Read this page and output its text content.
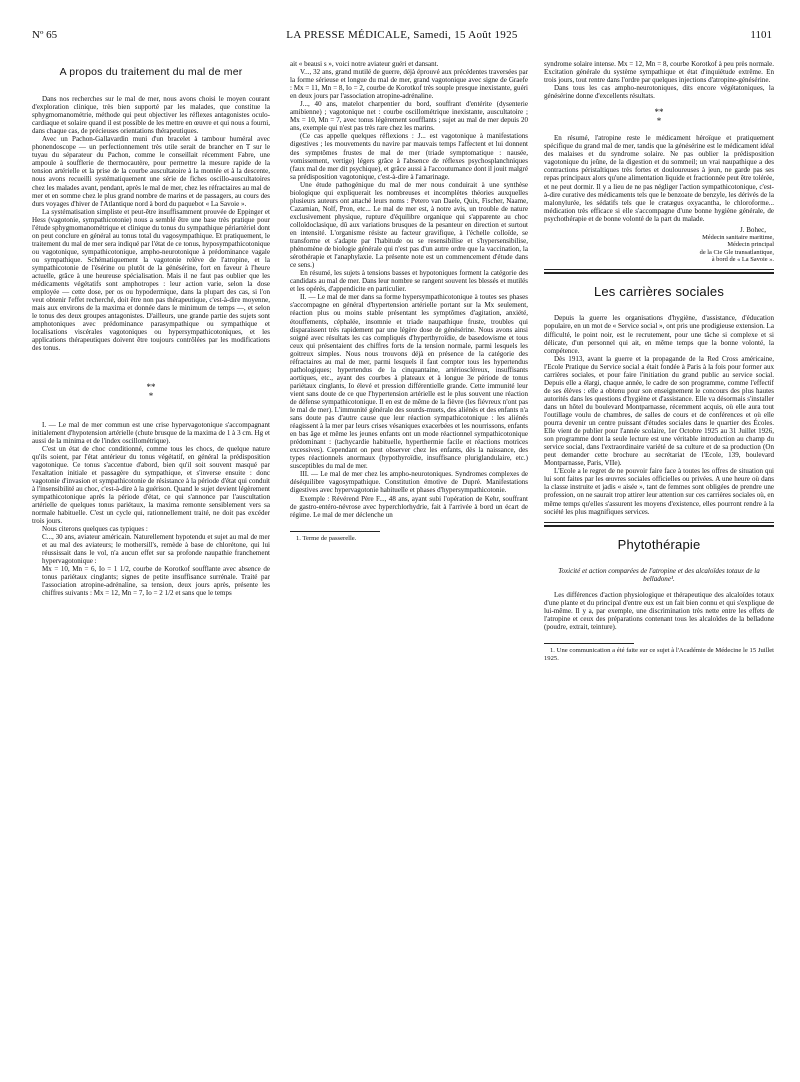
Nº 65	LA PRESSE MÉDICALE, Samedi, 15 Août 1925	1101
A propos du traitement du mal de mer

Dans nos recherches sur le mal de mer, nous avons choisi le moyen courant d'exploration clinique, très bien supporté par les malades, que constitue la sphygmomanométrie, méthode qui peut objectiver les réflexes antagonistes oculo-cardiaque et solaire quand il est possible de les mettre en œuvre et qui nous a fourni, dans chaque cas, de précieuses orientations thérapeutiques.

Avec un Pachon-Gallavardin muni d'un bracelet à tambour huméral avec phonendoscope — un perfectionnement très utile serait de brancher en T sur le tuyau du séparateur du Pachon, comme le conseillait récemment Fabre, une ampoule à soufflerie de thermocautère, pour permettre la mesure rapide de la tension artérielle et la prise de la courbe auscultatoire à la montée et à la descente, nous avons recueilli systématiquement une série de fiches oscillo-auscultatoires chez les malades avant, pendant, après le mal de mer, chez les réfractaires au mal de mer et en somme chez le plus grand nombre de marins et de passagers, au cours des durs voyages d'hiver de l'Atlantique nord à bord du paquebot « La Savoie ».

La systématisation simpliste et peut-être insuffisamment prouvée de Eppinger et Hess (vagotonie, sympathicotonie) nous a semblé être une base très pratique pour l'étude sphygmomanométrique et clinique du tonus du sympathique périartériel dont on peut conclure en général au tonus total du vagosympathique. Et pratiquement, le traitement du mal de mer sera indiqué par l'état de ce tonus, hyposympathicotonique ou vagotonique, sympathicotonique, ampho-neurotonique à prédominance vagale ou sympathique. Schématiquement la vagotonie relève de l'atropine, et la sympathicotonie de l'ésérine ou plutôt de la génésérine, fort en faveur à l'heure actuelle, grâce à une heureuse spécialisation. Mais il ne faut pas oublier que les médicaments végétatifs sont amphotropes : leur action varie, selon la dose employée — cette dose, per os ou hypodermique, dans la plupart des cas, si l'on veut obtenir l'effet recherché, doit être non pas thérapeutique, c'est-à-dire moyenne, mais aux environs de la maxima et donnée dans le minimum de temps —, et selon le tonus des deux groupes antagonistes. D'ailleurs, une grande partie des sujets sont amphotoniques avec prédominance parasympathique ou sympathique et localisations viscérales vagotoniques ou hypersympathicotoniques, et les applications thérapeutiques doivent être toujours contrôlées par les modifications des tonus.

**
*

I. — Le mal de mer commun est une crise hypervagotonique s'accompagnant initialement d'hypotension artérielle (chute brusque de la maxima de 1 à 3 cm. Hg et aussi de la minima et de l'index oscillométrique).

C'est un état de choc conditionné, comme tous les chocs, de quelque nature qu'ils soient, par l'état antérieur du tonus végétatif, en général la prédisposition vagotonique. Ce tonus s'accentue d'abord, bien qu'il soit souvent masqué par l'exaltation initiale et passagère du sympathique, et s'inverse ensuite : donc vagotonie d'invasion et sympathicotonie de résistance à la période d'état qui conduit à l'insensibilité au choc, c'est-à-dire à la guérison. Quand le sujet devient légèrement sympathicotonique après la période d'état, ce qui s'annonce par l'auscultation artérielle de quelques tonus pariétaux, la maxima remonte sensiblement vers sa normale habituelle. C'est un cycle qui, rationnellement traité, ne doit pas excéder trois jours.

Nous citerons quelques cas typiques :

C..., 30 ans, aviateur américain. Naturellement hypotendu et sujet au mal de mer et au mal des aviateurs; le mothersill's, remède à base de chlorétone, qui lui réussissait dans le vol, n'a aucun effet sur sa profonde naupathie franchement hypervagotonique :

Mx = 10, Mn = 6, Io = 1 1/2, courbe de Korotkof soufflante avec absence de tonus pariétaux cinglants; signes de petite insuffisance surrénale. Traité par l'association atropine-adrénaline, sa tension, deux jours après, présente les chiffres suivants : Mx = 12, Mn = 7, Io = 2 1/2 et sans que le temps

ait « beausi s », voici notre aviateur guéri et dansant.

V..., 32 ans, grand mutilé de guerre, déjà éprouvé aux précédentes traversées par la forme sérieuse et longue du mal de mer, grand vagotonique avec signe de Graefe : Mx = 11, Mn = 8, Io = 2, courbe de Korotkof très souple presque inexistante, guéri en deux jours par l'association atropine-adrénaline.

J..., 40 ans, matelot charpentier du bord, souffrant d'entérite (dysenterie amibienne) ; vagotonique net : courbe oscillométrique inexistante, auscultatoire ; Mx = 10, Mn = 7, avec tonus légèrement soufflants ; sujet au mal de mer depuis 20 ans, exemple qui n'est pas très rare chez les marins.

(Ce cas appelle quelques réflexions : J... est vagotonique à manifestations digestives ; les mouvements du navire par mauvais temps l'affectent et lui donnent des symptômes frustes de mal de mer (triade symptomatique : nausée, vomissement, vertige) légers grâce à l'absence de réflexes psychosplanchniques (faux mal de mer dit psychique), et grâce aussi à l'accoutumance dont il jouit malgré sa prédisposition vagotonique, c'est-à-dire à l'amarinage.

Une étude pathogénique du mal de mer nous conduirait à une synthèse biologique qui expliquerait les nombreuses et incomplètes théories auxquelles plusieurs auteurs ont attaché leurs noms : Petero van Daele, Quix, Fischer, Naame, Cazamian, Nolf, Pron, etc... Le mal de mer est, à notre avis, un trouble de nature exclusivement physique, rupture d'équilibre organique qui s'apparente au choc colloïdoclasique, dû aux variations brusques de la pesanteur en direction et surtout en intensité. L'organisme résiste au facteur gravifique, à l'échelle colloïde, se transforme et s'adapte par l'habitude ou se resensibilise et s'hypersensibilise, phénomène de biologie générale qui n'est pas d'un autre ordre que la vaccination, la sérothérapie et l'anaphylaxie. La présente note est un commencement d'étude dans ce sens.)

En résumé, les sujets à tensions basses et hypotoniques forment la catégorie des candidats au mal de mer. Dans leur nombre se rangent souvent les blessés et mutilés et les opérés, d'appendicite en particulier.

II. — Le mal de mer dans sa forme hypersympathicotonique à toutes ses phases s'accompagne en général d'hypertension artérielle portant sur la Mx seulement, réaction plus ou moins stable présentant les symptômes d'agitation, anxiété, étouffements, céphalée, insomnie et triade naupathique fruste, troubles qui disparaissent très rapidement par une légère dose de génésérine. Nous avons ainsi soigné avec résultats les cas compliqués d'hyperthyroïdie, de basedowisme et tous ceux qui présentaient des chiffres forts de la tension normale, parmi lesquels les goitreux simples. Nous nous trouvons déjà en présence de la catégorie des réfractaires au mal de mer, parmi lesquels il faut compter tous les hypertendus pathologiques; hypertendus de la cinquantaine, artérioscléreux, insuffisants aortiques, etc., ayant des courbes à plateaux et à longue 3e période de tonus pariétaux cinglants, Io élevé et pression différentielle grande. Cette immunité leur vient sans doute de ce que l'hypertension artérielle est le plus souvent une réaction de défense sympathicotonique. Il en est de même de la fièvre (les fiévreux n'ont pas le mal de mer). L'immunité générale des sourds-muets, des aliénés et des enfants n'a sans doute pas d'autre cause que leur réaction sympathicotonique : les aliénés réagissent à la mer par leurs crises vésaniques exacerbées et les nourrissons, enfants en bas âge et même les jeunes enfants ont un mode réactionnel sympathicotonique prédominant : (tachycardie habituelle, hyperthermie facile et réactions motrices excessives). Cependant on peut observer chez les enfants, dès la naissance, des types réactionnels anormaux (hypothyroïdie, insuffisance pluriglandulaire, etc.) susceptibles du mal de mer.

III. — Le mal de mer chez les ampho-neurotoniques. Syndromes complexes de déséquilibre vagosympathique. Constitution émotive de Dupré. Manifestations digestives avec hypervagotonie habituelle et phases d'hypersympathicotonie.

Exemple : Révérend Père F..., 48 ans, ayant subi l'opération de Kehr, souffrant de gastro-entéro-névrose avec hyperchlorhydrie, fait à l'arrivée à bord un écart de régime. Le mal de mer déclenche un

1. Terme de passerelle.

syndrome solaire intense. Mx = 12, Mn = 8, courbe Korotkof à peu près normale. Excitation générale du système sympathique et état d'inquiétude extrême. En trois jours, tout rentre dans l'ordre par quelques injections d'atropine-génésérine.

Dans tous les cas ampho-neurotoniques, dits encore végétatoniques, la génésérine donne d'excellents résultats.

**
*

En résumé, l'atropine reste le médicament héroïque et pratiquement spécifique du grand mal de mer, tandis que la génésérine est le médicament idéal des malaises et du syndrome solaire. Ne pas oublier la prédisposition vagotonique du jeûne, de la digestion et du sommeil; un vrai naupathique a des contractions péristaltiques très fortes et douloureuses à jeun, ne garde pas ses repas principaux alors qu'une alimentation liquide et fractionnée peut être tolérée, et ne peut dormir. Il y a lieu de ne pas négliger l'action sympathicotonique, c'est-à-dire curative des médicaments tels que le benzoate de benzyle, les dérivés de la malonylurée, les sédatifs tels que le cratægus oxyacantha, le chloroforme... médication très efficace si elle s'accompagne d'une bonne hygiène générale, de psychothérapie et de bonne volonté de la part du malade.

J. Bohec,

Médecin sanitaire maritime,

Médecin principal

de la Cie Gle transatlantique,

à bord de « La Savoie ».

Les carrières sociales

Depuis la guerre les organisations d'hygiène, d'assistance, d'éducation populaire, en un mot de « Service social », ont pris une prodigieuse extension. La difficulté, le point noir, est le recrutement, pour une tâche si complexe et si délicate, d'un personnel qui ait, en même temps que la bonne volonté, la compétence.

Dès 1913, avant la guerre et la propagande de la Red Cross américaine, l'Ecole Pratique du Service social a était fondée à Paris à la fois pour former aux carrières sociales, et pour faire l'initiation du grand public au service social. Depuis elle a élargi, chaque année, le cadre de son programme, comme l'effectif de ses élèves : elle a obtenu pour son enseignement le concours des plus hautes autorités dans les questions d'hygiène et d'assistance. Elle va désormais s'installer dans un hôtel du boulevard Montparnasse, récemment acquis, où elle aura tout l'outillage voulu de chambres, de salles de cours et de conférences et où elle pourra devenir un centre puissant d'études sociales dans le quartier des Écoles. Elle vient de publier pour l'année scolaire, 1er Octobre 1925 au 31 Juillet 1926, son programme dont la seule lecture est une véritable introduction au champ du service social, dans l'extraordinaire variété de sa culture et de sa production (On peut demander cette brochure au secrétariat de l'Ecole, 139, boulevard Montparnasse, Paris, VIIe).

L'Ecole a le regret de ne pouvoir faire face à toutes les offres de situation qui lui sont faites par les œuvres sociales officielles ou privées. A une heure où dans la classe instruite et jadis « aisée », tant de femmes sont obligées de prendre une profession, on ne saurait trop attirer leur attention sur ces carrières sociales où, en même temps qu'elles s'assurent les moyens d'existence, elles pourront rendre à la société les plus magnifiques services.

Phytothérapie

Toxicité et action comparées de l'atropine et des alcaloïdes totaux de la belladone¹.

Les différences d'action physiologique et thérapeutique des alcaloïdes totaux d'une plante et du principal d'entre eux est un fait bien connu et qui s'explique de lui-même. Il y a, par exemple, une discrimination très nette entre les effets de l'atropine et ceux des préparations contenant tous les alcaloïdes de la belladone (poudre, extrait, teinture).

1. Une communication a été faite sur ce sujet à l'Académie de Médecine le 15 Juillet 1925.
